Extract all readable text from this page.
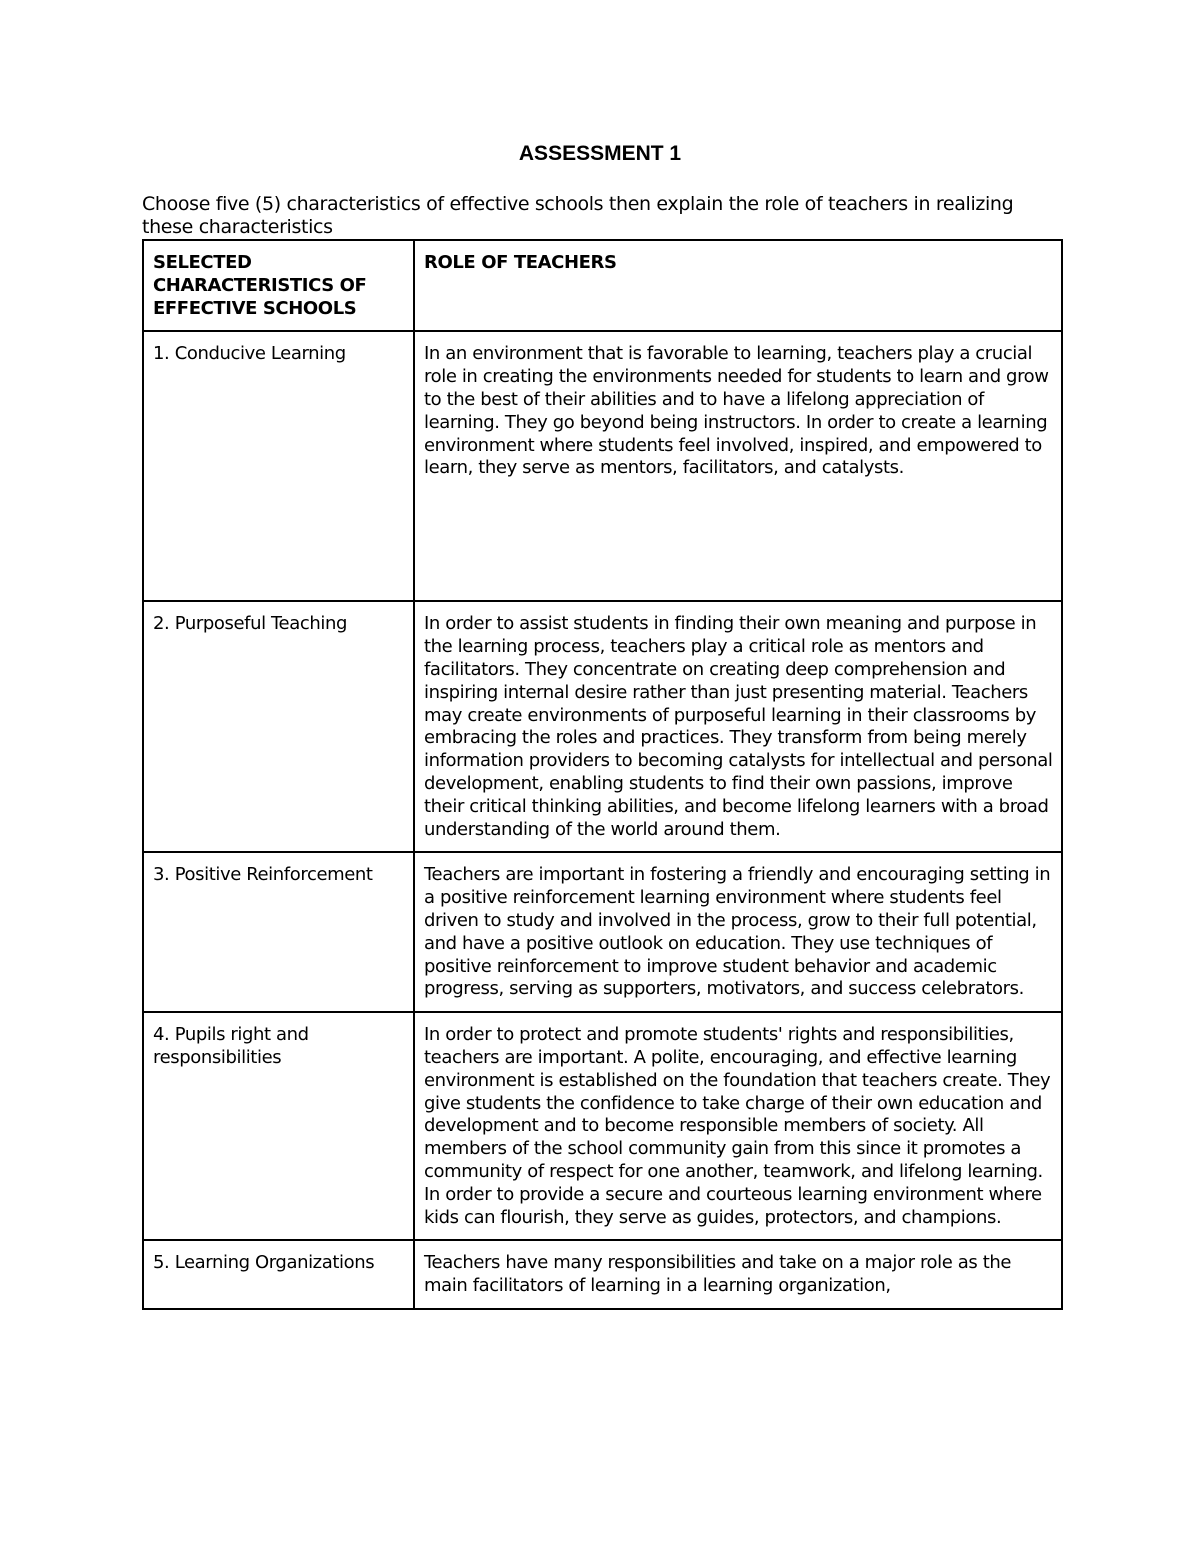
ASSESSMENT 1
Choose five (5) characteristics of effective schools then explain the role of teachers in realizing these characteristics
SELECTED CHARACTERISTICS OF EFFECTIVE SCHOOLS	ROLE OF TEACHERS
1. Conducive Learning	In an environment that is favorable to learning, teachers play a crucial role in creating the environments needed for students to learn and grow to the best of their abilities and to have a lifelong appreciation of learning. They go beyond being instructors. In order to create a learning environment where students feel involved, inspired, and empowered to learn, they serve as mentors, facilitators, and catalysts.
2. Purposeful Teaching	In order to assist students in finding their own meaning and purpose in the learning process, teachers play a critical role as mentors and facilitators. They concentrate on creating deep comprehension and inspiring internal desire rather than just presenting material. Teachers may create environments of purposeful learning in their classrooms by embracing the roles and practices. They transform from being merely information providers to becoming catalysts for intellectual and personal development, enabling students to find their own passions, improve their critical thinking abilities, and become lifelong learners with a broad understanding of the world around them.
3. Positive Reinforcement	Teachers are important in fostering a friendly and encouraging setting in a positive reinforcement learning environment where students feel driven to study and involved in the process, grow to their full potential, and have a positive outlook on education. They use techniques of positive reinforcement to improve student behavior and academic progress, serving as supporters, motivators, and success celebrators.
4. Pupils right and responsibilities	In order to protect and promote students' rights and responsibilities, teachers are important. A polite, encouraging, and effective learning environment is established on the foundation that teachers create. They give students the confidence to take charge of their own education and development and to become responsible members of society. All members of the school community gain from this since it promotes a community of respect for one another, teamwork, and lifelong learning. In order to provide a secure and courteous learning environment where kids can flourish, they serve as guides, protectors, and champions.
5. Learning Organizations	Teachers have many responsibilities and take on a major role as the main facilitators of learning in a learning organization,
